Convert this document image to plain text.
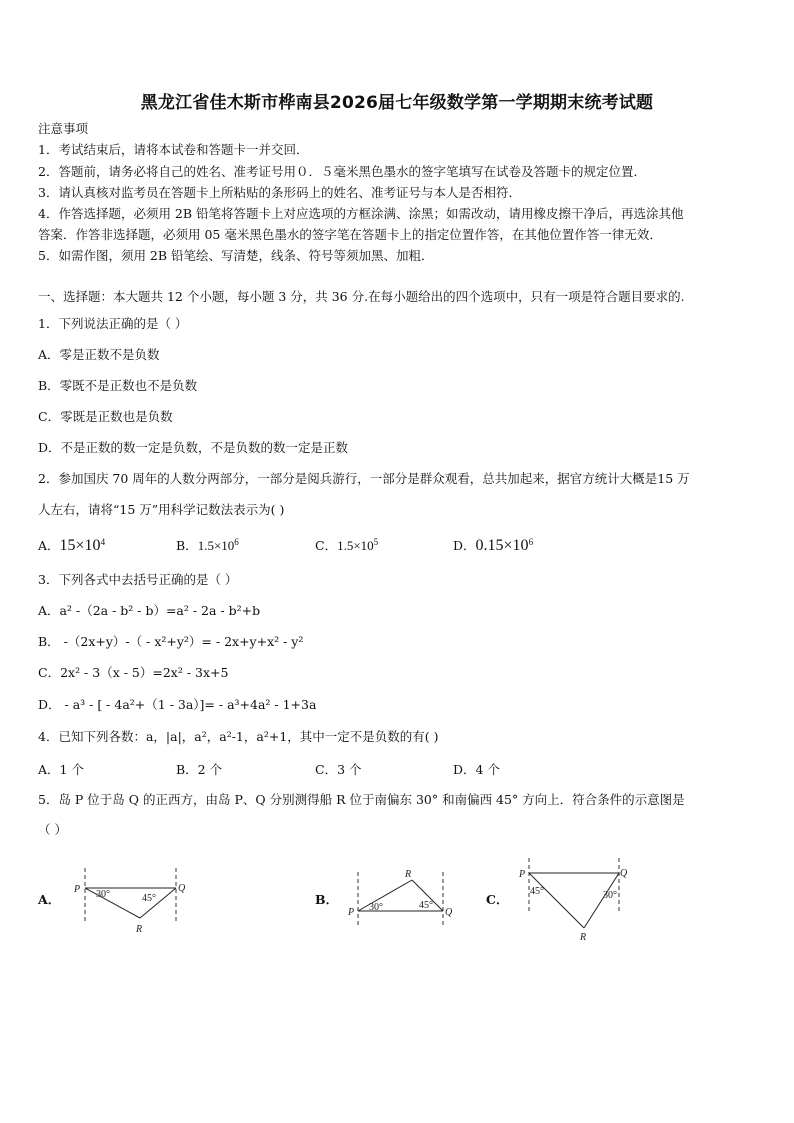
黑龙江省佳木斯市桦南县2026届七年级数学第一学期期末统考试题
注意事项
1．考试结束后，请将本试卷和答题卡一并交回．
2．答题前，请务必将自己的姓名、准考证号用０．５毫米黑色墨水的签字笔填写在试卷及答题卡的规定位置．
3．请认真核对监考员在答题卡上所粘贴的条形码上的姓名、准考证号与本人是否相符．
4．作答选择题，必须用 2B 铅笔将答题卡上对应选项的方框涂满、涂黑；如需改动，请用橡皮擦干净后，再选涂其他
答案．作答非选择题，必须用 05 毫米黑色墨水的签字笔在答题卡上的指定位置作答，在其他位置作答一律无效．
5．如需作图，须用 2B 铅笔绘、写清楚，线条、符号等须加黑、加粗．
一、选择题：本大题共 12 个小题，每小题 3 分，共 36 分.在每小题给出的四个选项中，只有一项是符合题目要求的.
1．下列说法正确的是（ ）
A．零是正数不是负数
B．零既不是正数也不是负数
C．零既是正数也是负数
D．不是正数的数一定是负数，不是负数的数一定是正数
2．参加国庆 70 周年的人数分两部分，一部分是阅兵游行，一部分是群众观看，总共加起来，据官方统计大概是15 万
人左右，请将“15 万”用科学记数法表示为( )
A．$15\times 10^4$	B．$1.5\times 10^6$	C．$1.5\times 10^5$	D．$0.15\times 10^6$
3．下列各式中去括号正确的是（ ）
A．a² -（2a - b² - b）=a² - 2a - b²+b
B． -（2x+y）-（ - x²+y²）= - 2x+y+x² - y²
C．2x² - 3（x - 5）=2x² - 3x+5
D． - a³ - [ - 4a²+（1 - 3a）]= - a³+4a² - 1+3a
4．已知下列各数：a，|a|，a²，a²-1，a²+1，其中一定不是负数的有( )
A．1 个	B．2 个	C．3 个	D．4 个
5．岛 P 位于岛 Q 的正西方，由岛 P、Q 分别测得船 R 位于南偏东 30° 和南偏西 45° 方向上．符合条件的示意图是
（ ）
A．
P	Q
R
30°	45°	B．
P	Q
R
30°	45°	C．
P	Q
R
45°	30°
